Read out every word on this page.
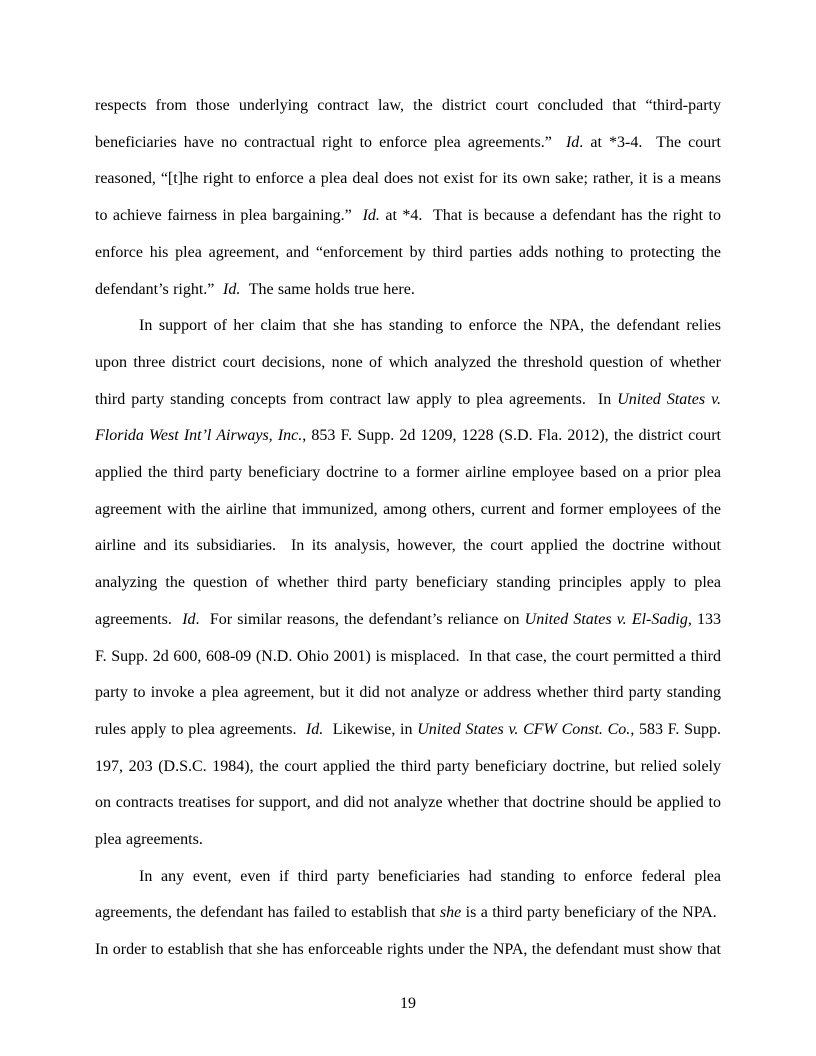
respects from those underlying contract law, the district court concluded that “third-party beneficiaries have no contractual right to enforce plea agreements.”  Id. at *3-4.  The court reasoned, “[t]he right to enforce a plea deal does not exist for its own sake; rather, it is a means to achieve fairness in plea bargaining.”  Id. at *4.  That is because a defendant has the right to enforce his plea agreement, and “enforcement by third parties adds nothing to protecting the defendant’s right.”  Id.  The same holds true here.

In support of her claim that she has standing to enforce the NPA, the defendant relies upon three district court decisions, none of which analyzed the threshold question of whether third party standing concepts from contract law apply to plea agreements.  In United States v. Florida West Int’l Airways, Inc., 853 F. Supp. 2d 1209, 1228 (S.D. Fla. 2012), the district court applied the third party beneficiary doctrine to a former airline employee based on a prior plea agreement with the airline that immunized, among others, current and former employees of the airline and its subsidiaries.  In its analysis, however, the court applied the doctrine without analyzing the question of whether third party beneficiary standing principles apply to plea agreements.  Id.  For similar reasons, the defendant’s reliance on United States v. El-Sadig, 133 F. Supp. 2d 600, 608-09 (N.D. Ohio 2001) is misplaced.  In that case, the court permitted a third party to invoke a plea agreement, but it did not analyze or address whether third party standing rules apply to plea agreements.  Id.  Likewise, in United States v. CFW Const. Co., 583 F. Supp. 197, 203 (D.S.C. 1984), the court applied the third party beneficiary doctrine, but relied solely on contracts treatises for support, and did not analyze whether that doctrine should be applied to plea agreements.

In any event, even if third party beneficiaries had standing to enforce federal plea agreements, the defendant has failed to establish that she is a third party beneficiary of the NPA.  In order to establish that she has enforceable rights under the NPA, the defendant must show that

19
